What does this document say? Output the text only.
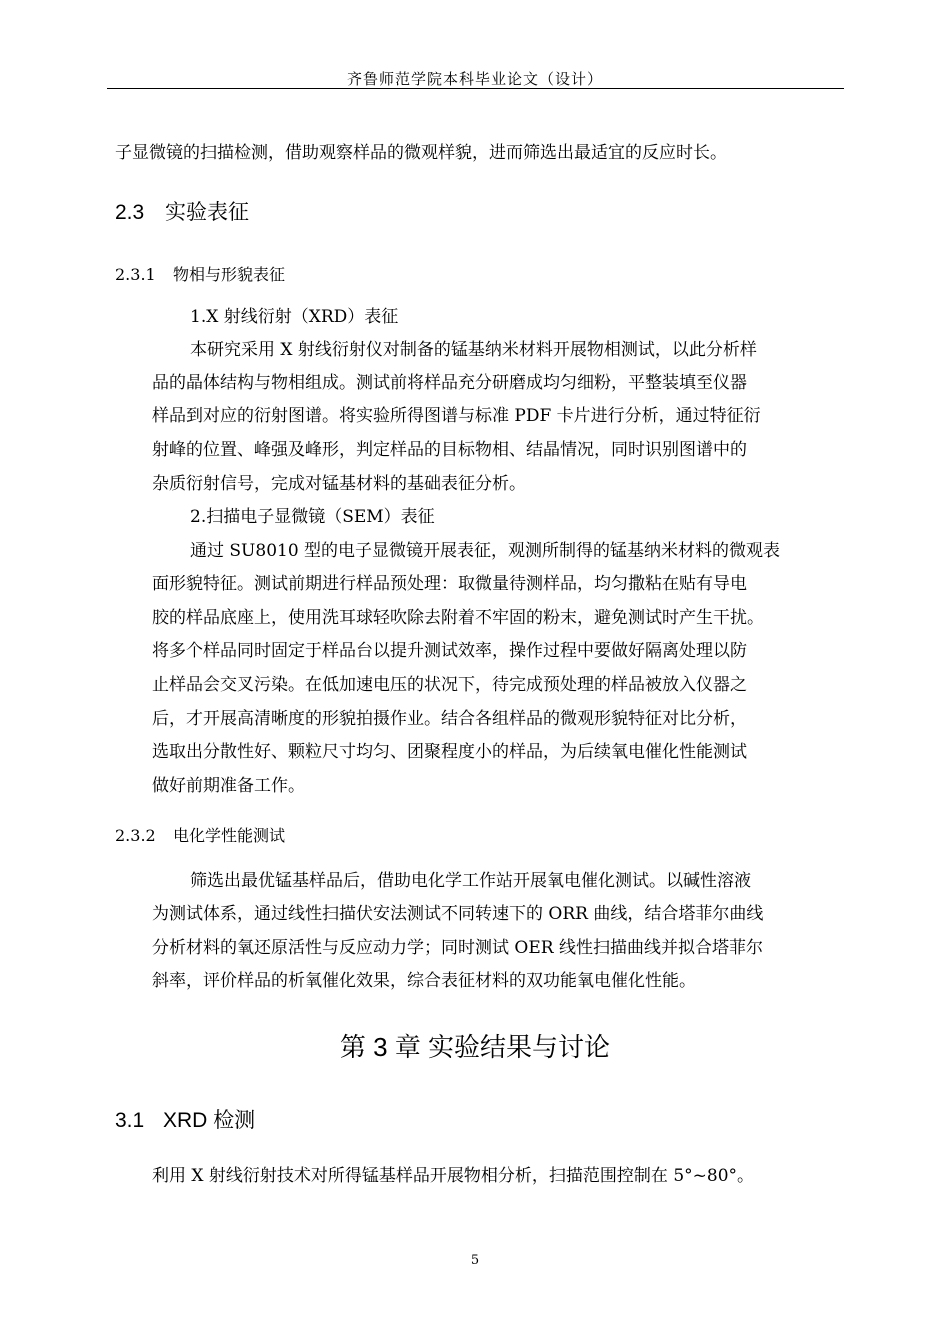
齐鲁师范学院本科毕业论文（设计）
子显微镜的扫描检测，借助观察样品的微观样貌，进而筛选出最适宜的反应时长。
2.3 实验表征
2.3.1 物相与形貌表征
1.X 射线衍射（XRD）表征
本研究采用 X 射线衍射仪对制备的锰基纳米材料开展物相测试，以此分析样
品的晶体结构与物相组成。测试前将样品充分研磨成均匀细粉，平整装填至仪器
样品到对应的衍射图谱。将实验所得图谱与标准 PDF 卡片进行分析，通过特征衍
射峰的位置、峰强及峰形，判定样品的目标物相、结晶情况，同时识别图谱中的
杂质衍射信号，完成对锰基材料的基础表征分析。
2.扫描电子显微镜（SEM）表征
通过 SU8010 型的电子显微镜开展表征，观测所制得的锰基纳米材料的微观表
面形貌特征。测试前期进行样品预处理：取微量待测样品，均匀撒粘在贴有导电
胶的样品底座上，使用洗耳球轻吹除去附着不牢固的粉末，避免测试时产生干扰。
将多个样品同时固定于样品台以提升测试效率，操作过程中要做好隔离处理以防
止样品会交叉污染。在低加速电压的状况下，待完成预处理的样品被放入仪器之
后，才开展高清晰度的形貌拍摄作业。结合各组样品的微观形貌特征对比分析，
选取出分散性好、颗粒尺寸均匀、团聚程度小的样品，为后续氧电催化性能测试
做好前期准备工作。
2.3.2 电化学性能测试
筛选出最优锰基样品后，借助电化学工作站开展氧电催化测试。以碱性溶液
为测试体系，通过线性扫描伏安法测试不同转速下的 ORR 曲线，结合塔菲尔曲线
分析材料的氧还原活性与反应动力学；同时测试 OER 线性扫描曲线并拟合塔菲尔
斜率，评价样品的析氧催化效果，综合表征材料的双功能氧电催化性能。
第 3 章 实验结果与讨论
3.1 XRD 检测
利用 X 射线衍射技术对所得锰基样品开展物相分析，扫描范围控制在 5°~80°。
5
